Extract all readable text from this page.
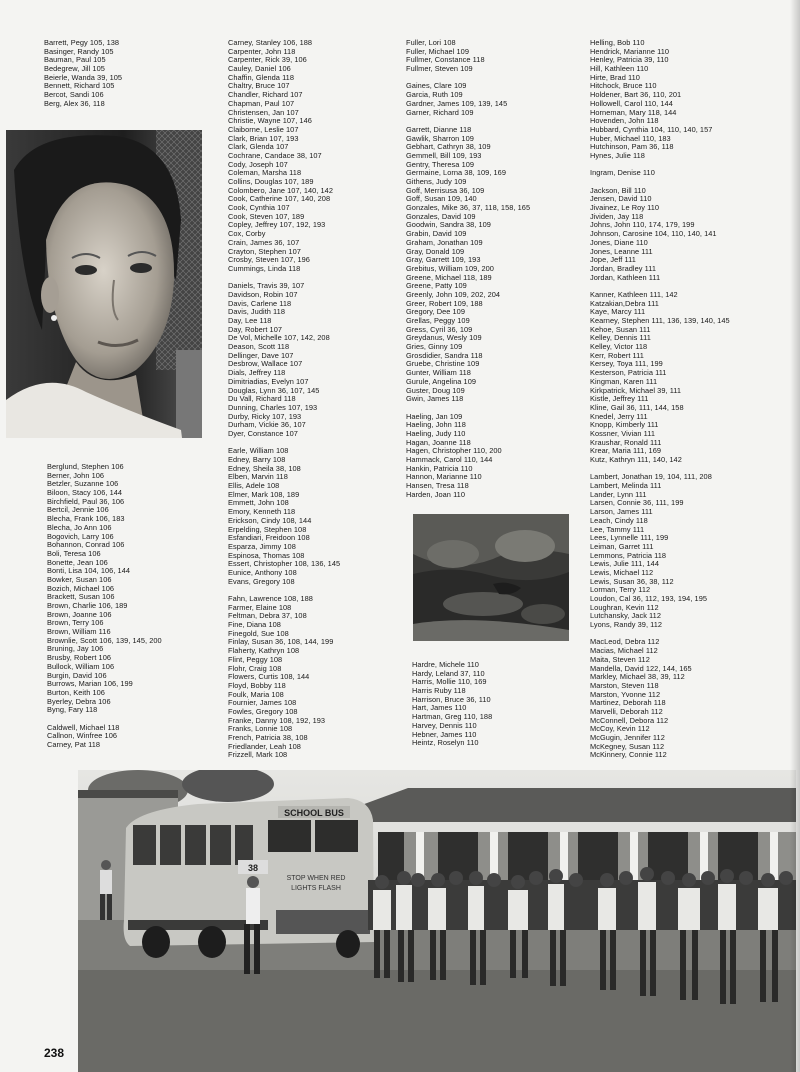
Barrett, Pegy 105, 138
Basinger, Randy 105
Bauman, Paul 105
Bedegrew, Jill 105
Beierle, Wanda 39, 105
Bennett, Richard 105
Bercot, Sandi 106
Berg, Alex 36, 118
Berglund, Stephen 106
Berner, John 106
Betzler, Suzanne 106
Biloon, Stacy 106, 144
Birchfield, Paul 36, 106
Bertcil, Jennie 106
Blecha, Frank 106, 183
Blecha, Jo Ann 106
Bogovich, Larry 106
Bohannon, Conrad 106
Boli, Teresa 106
Bonette, Jean 106
Bonti, Lisa 104, 106, 144
Bowker, Susan 106
Bozich, Michael 106
Brackett, Susan 106
Brown, Charlie 106, 189
Brown, Joanne 106
Brown, Terry 106
Brown, William 116
Brownlie, Scott 106, 139, 145, 200
Bruning, Jay 106
Brusby, Robert 106
Bullock, William 106
Burgin, David 106
Burrows, Marian 106, 199
Burton, Keith 106
Byerley, Debra 106
Byng, Fary 118
Caldwell, Michael 118
Callnon, Winfree 106
Carney, Pat 118
Carney, Stanley 106, 188
Carpenter, John 118
Carpenter, Rick 39, 106
Cauley, Daniel 106
Chaffin, Glenda 118
Chaltry, Bruce 107
Chandler, Richard 107
Chapman, Paul 107
Christensen, Jan 107
Christie, Wayne 107, 146
Claiborne, Leslie 107
Clark, Brian 107, 193
Clark, Glenda 107
Cochrane, Candace 38, 107
Cody, Joseph 107
Coleman, Marsha 118
Collins, Douglas 107, 189
Colombero, Jane 107, 140, 142
Cook, Catherine 107, 140, 208
Cook, Cynthia 107
Cook, Steven 107, 189
Copley, Jeffrey 107, 192, 193
Cox, Corby
Crain, James 36, 107
Crayton, Stephen 107
Crosby, Steven 107, 196
Cummings, Linda 118
Daniels, Travis 39, 107
Davidson, Robin 107
Davis, Carlene 118
Davis, Judith 118
Day, Lee 118
Day, Robert 107
De Vol, Michelle 107, 142, 208
Deason, Scott 118
Dellinger, Dave 107
Desbrow, Wallace 107
Dials, Jeffrey 118
Dimitriadias, Evelyn 107
Douglas, Lynn 36, 107, 145
Du Vall, Richard 118
Dunning, Charles 107, 193
Durby, Ricky 107, 193
Durham, Vickie 36, 107
Dyer, Constance 107
Earle, William 108
Edney, Barry 108
Edney, Sheila 38, 108
Elben, Marvin 118
Ellis, Adele 108
Elmer, Mark 108, 189
Emmett, John 108
Emory, Kenneth 118
Erickson, Cindy 108, 144
Erpelding, Stephen 108
Esfandiari, Freidoon 108
Esparza, Jimmy 108
Espinosa, Thomas 108
Essert, Christopher 108, 136, 145
Eunice, Anthony 108
Evans, Gregory 108
Fahn, Lawrence 108, 188
Farmer, Elaine 108
Feltman, Debra 37, 108
Fine, Diana 108
Finegold, Sue 108
Finlay, Susan 36, 108, 144, 199
Flaherty, Kathryn 108
Flint, Peggy 108
Flohr, Craig 108
Flowers, Curtis 108, 144
Floyd, Bobby 118
Foulk, Maria 108
Fournier, James 108
Fowles, Gregory 108
Franke, Danny 108, 192, 193
Franks, Lonnie 108
French, Patricia 38, 108
Friedlander, Leah 108
Frizzell, Mark 108
Fuller, Lori 108
Fuller, Michael 109
Fullmer, Constance 118
Fullmer, Steven 109
Gaines, Clare 109
Garcia, Ruth 109
Gardner, James 109, 139, 145
Garner, Richard 109
Garrett, Dianne 118
Gawlik, Sharron 109
Gebhart, Cathryn 38, 109
Gemmell, Bill 109, 193
Gentry, Theresa 109
Germaine, Lorna 38, 109, 169
Githens, Judy 109
Goff, Merrisusa 36, 109
Goff, Susan 109, 140
Gonzales, Mike 36, 37, 118, 158, 165
Gonzales, David 109
Goodwin, Sandra 38, 109
Grabin, David 109
Graham, Jonathan 109
Gray, Donald 109
Gray, Garrett 109, 193
Grebitus, William 109, 200
Greene, Michael 118, 189
Greene, Patty 109
Greenly, John 109, 202, 204
Greer, Robert 109, 188
Gregory, Dee 109
Grellas, Peggy 109
Gress, Cyril 36, 109
Greydanus, Wesly 109
Gries, Ginny 109
Grosdidier, Sandra 118
Gruebe, Christine 109
Gunter, William 118
Gurule, Angelina 109
Guster, Doug 109
Gwin, James 118
Haeling, Jan 109
Haeling, John 118
Haeling, Judy 110
Hagan, Joanne 118
Hagen, Christopher 110, 200
Hammack, Carol 110, 144
Hankin, Patricia 110
Hannon, Marianne 110
Hansen, Tresa 118
Harden, Joan 110
Hardre, Michele 110
Hardy, Leland 37, 110
Harris, Mollie 110, 169
Harris Ruby 118
Harrison, Bruce 36, 110
Hart, James 110
Hartman, Greg 110, 188
Harvey, Dennis 110
Hebner, James 110
Heintz, Roselyn 110
Helling, Bob 110
Hendrick, Marianne 110
Henley, Patricia 39, 110
Hill, Kathleen 110
Hirte, Brad 110
Hitchock, Bruce 110
Holdener, Bart 36, 110, 201
Hollowell, Carol 110, 144
Horneman, Mary 118, 144
Hovenden, John 118
Hubbard, Cynthia 104, 110, 140, 157
Huber, Michael 110, 183
Hutchinson, Pam 36, 118
Hynes, Julie 118
Ingram, Denise 110
Jackson, Bill 110
Jensen, David 110
Jivainez, Le Roy 110
Jividen, Jay 118
Johns, John 110, 174, 179, 199
Johnson, Carosine 104, 110, 140, 141
Jones, Diane 110
Jones, Leanne 111
Jope, Jeff 111
Jordan, Bradley 111
Jordan, Kathleen 111
Kanner, Kathleen 111, 142
Katzakian,Debra 111
Kaye, Marcy 111
Kearney, Stephen 111, 136, 139, 140, 145
Kehoe, Susan 111
Kelley, Dennis 111
Kelley, Victor 118
Kerr, Robert 111
Kersey, Toya 111, 199
Kesterson, Patricia 111
Kingman, Karen 111
Kirkpatrick, Michael 39, 111
Kistle, Jeffrey 111
Kline, Gail 36, 111, 144, 158
Knedel, Jerry 111
Knopp, Kimberly 111
Kossner, Vivian 111
Kraushar, Ronald 111
Krear, Maria 111, 169
Kutz, Kathryn 111, 140, 142
Lambert, Jonathan 19, 104, 111, 208
Lambert, Melinda 111
Lander, Lynn 111
Larsen, Connie 36, 111, 199
Larson, James 111
Leach, Cindy 118
Lee, Tammy 111
Lees, Lynnelle 111, 199
Leiman, Garret 111
Lemmons, Patricia 118
Lewis, Julie 111, 144
Lewis, Michael 112
Lewis, Susan 36, 38, 112
Lorman, Terry 112
Loudon, Cal 36, 112, 193, 194, 195
Loughran, Kevin 112
Lutchansky, Jack 112
Lyons, Randy 39, 112
MacLeod, Debra 112
Macias, Michael 112
Maita, Steven 112
Mandella, David 122, 144, 165
Markley, Michael 38, 39, 112
Marston, Steven 118
Marston, Yvonne 112
Martinez, Deborah 118
Marvelli, Deborah 112
McConnell, Debora 112
McCoy, Kevin 112
McGugin, Jennifer 112
McKegney, Susan 112
McKinnery, Connie 112
SCHOOL BUS
38
STOP WHEN RED
LIGHTS FLASH
238
